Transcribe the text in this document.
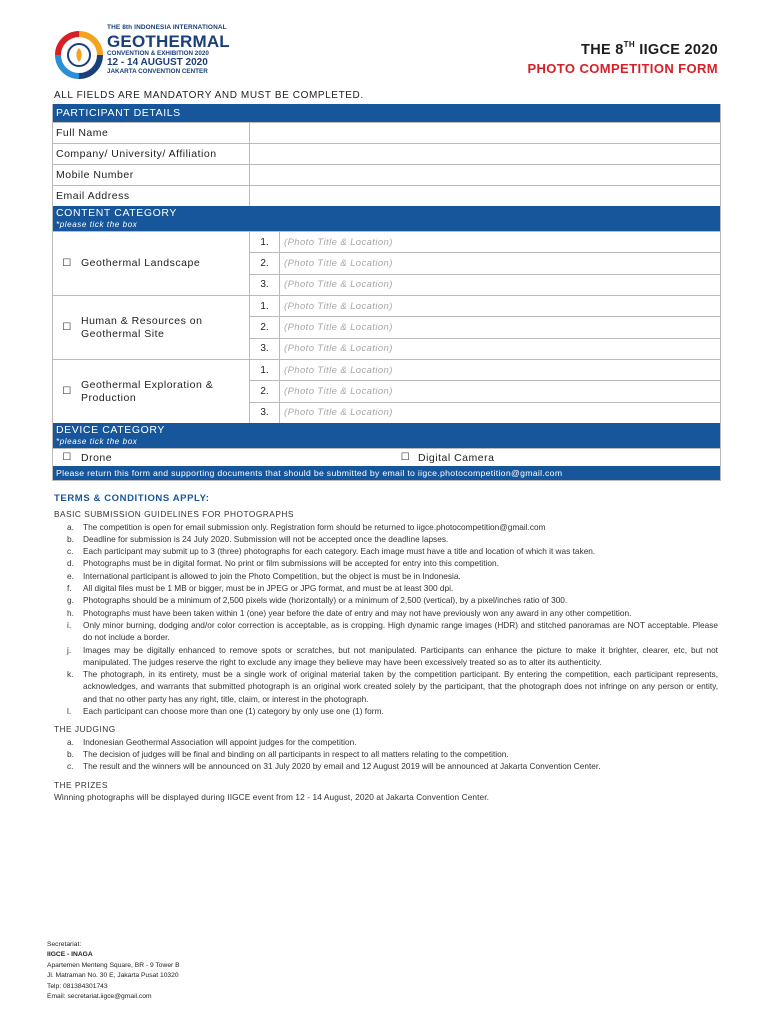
THE 8th INDONESIA INTERNATIONAL
GEOTHERMAL
CONVENTION & EXHIBITION 2020
12 - 14 AUGUST 2020
JAKARTA CONVENTION CENTER
THE 8TH IIGCE 2020
PHOTO COMPETITION FORM
ALL FIELDS ARE MANDATORY AND MUST BE COMPLETED.
PARTICIPANT DETAILS
Full Name
Company/ University/ Affiliation
Mobile Number
Email Address
CONTENT CATEGORY
*please tick the box
☐ Geothermal Landscape
1.	(Photo Title & Location)
2.	(Photo Title & Location)
3.	(Photo Title & Location)
☐
Human & Resources on Geothermal Site
1.	(Photo Title & Location)
2.	(Photo Title & Location)
3.	(Photo Title & Location)
☐
Geothermal Exploration & Production
1.	(Photo Title & Location)
2.	(Photo Title & Location)
3.	(Photo Title & Location)
DEVICE CATEGORY
*please tick the box
☐ Drone	☐ Digital Camera
Please return this form and supporting documents that should be submitted by email to iigce.photocompetition@gmail.com
TERMS & CONDITIONS APPLY:
BASIC SUBMISSION GUIDELINES FOR PHOTOGRAPHS
a.	The competition is open for email submission only. Registration form should be returned to iigce.photocompetition@gmail.com
b.	Deadline for submission is 24 July 2020. Submission will not be accepted once the deadline lapses.
c.	Each participant may submit up to 3 (three) photographs for each category. Each image must have a title and location of which it was taken.
d.	Photographs must be in digital format. No print or film submissions will be accepted for entry into this competition.
e.	International participant is allowed to join the Photo Competition, but the object is must be in Indonesia.
f.	All digital files must be 1 MB or bigger, must be in JPEG or JPG format, and must be at least 300 dpi.
g.	Photographs should be a minimum of 2,500 pixels wide (horizontally) or a minimum of 2,500 (vertical), by a pixel/inches ratio of 300.
h.	Photographs must have been taken within 1 (one) year before the date of entry and may not have previously won any award in any other competition.
i.	Only minor burning, dodging and/or color correction is acceptable, as is cropping. High dynamic range images (HDR) and stitched panoramas are NOT acceptable. Please do not include a border.
j.	Images may be digitally enhanced to remove spots or scratches, but not manipulated. Participants can enhance the picture to make it brighter, clearer, etc, but not manipulated. The judges reserve the right to exclude any image they believe may have been excessively treated so as to alter its authenticity.
k.	The photograph, in its entirety, must be a single work of original material taken by the competition participant. By entering the competition, each participant represents, acknowledges, and warrants that submitted photograph is an original work created solely by the participant, that the photograph does not infringe on any person or entity, and that no other party has any right, title, claim, or interest in the photograph.
l.	Each participant can choose more than one (1) category by only use one (1) form.
THE JUDGING
a.	Indonesian Geothermal Association will appoint judges for the competition.
b.	The decision of judges will be final and binding on all participants in respect to all matters relating to the competition.
c.	The result and the winners will be announced on 31 July 2020 by email and 12 August 2019 will be announced at Jakarta Convention Center.
THE PRIZES
Winning photographs will be displayed during IIGCE event from 12 - 14 August, 2020 at Jakarta Convention Center.
Secretariat:
IIGCE - INAGA
Apartemen Menteng Square, BR - 9 Tower B
Jl. Matraman No. 30 E, Jakarta Pusat 10320
Telp: 081384301743
Email: secretariat.iigce@gmail.com
